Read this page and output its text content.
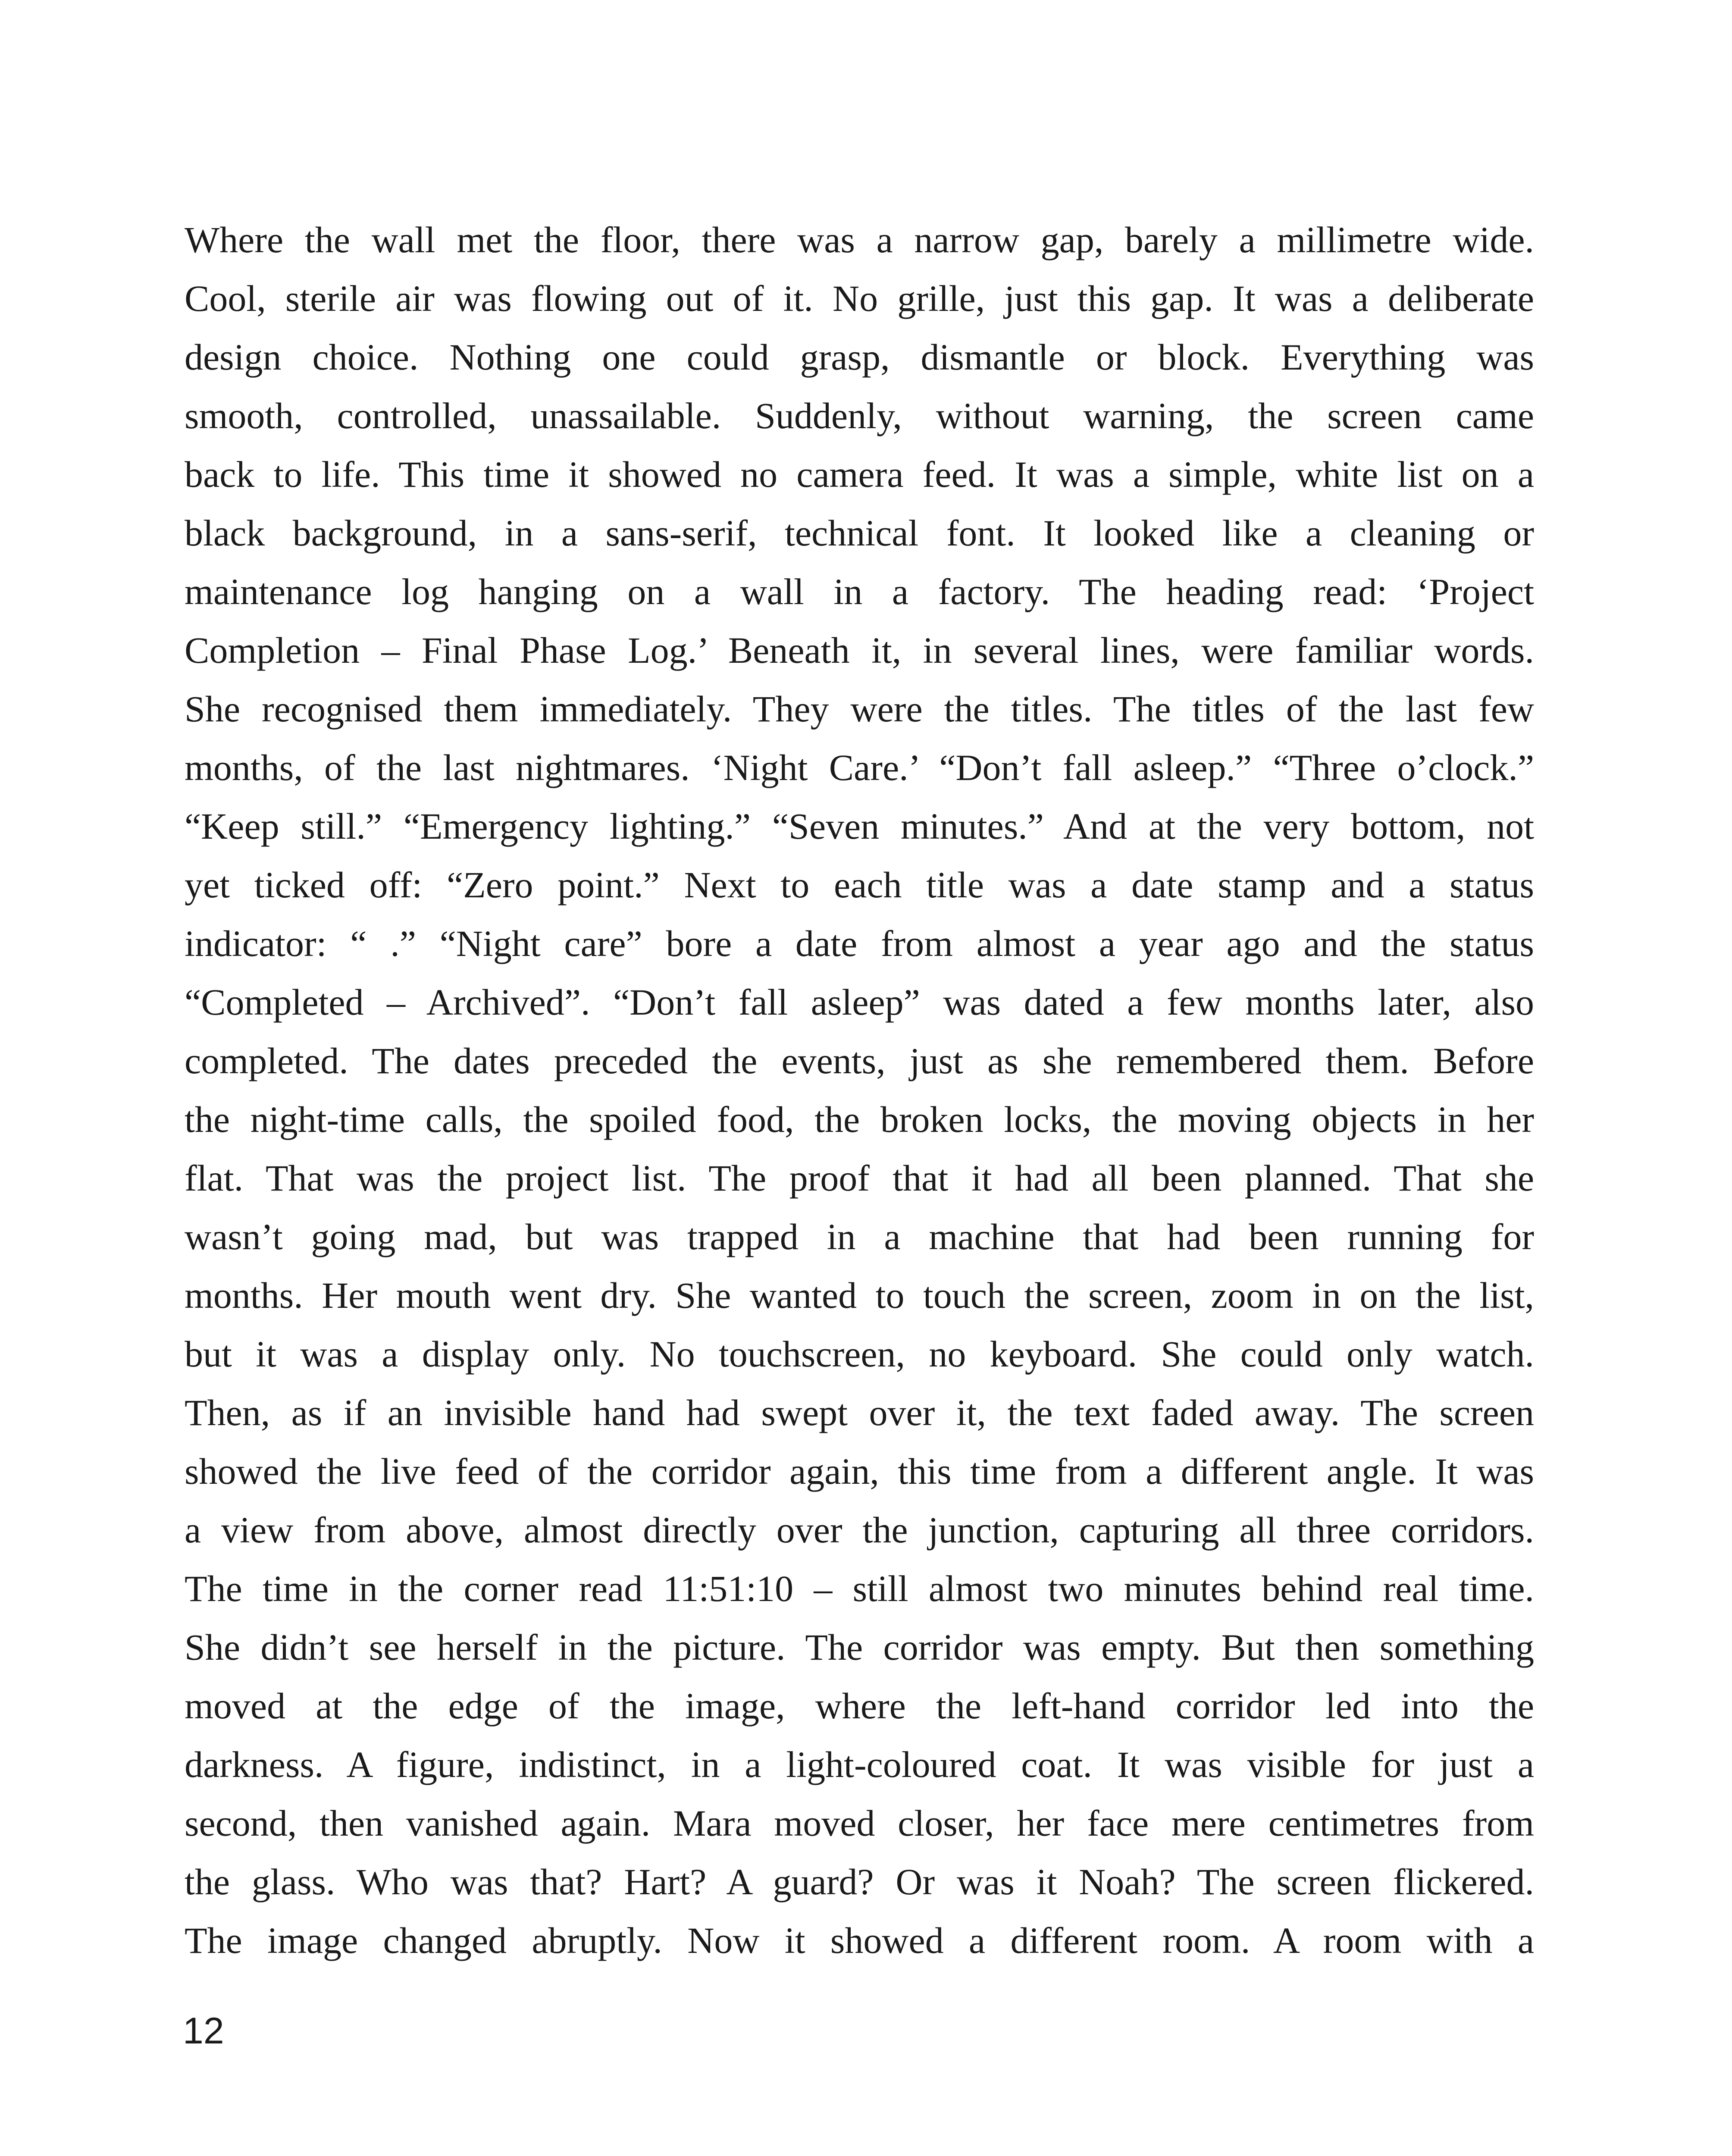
Where the wall met the floor, there was a narrow gap, barely a millimetre wide.
Cool, sterile air was flowing out of it. No grille, just this gap. It was a deliberate
design choice. Nothing one could grasp, dismantle or block. Everything was
smooth, controlled, unassailable. Suddenly, without warning, the screen came
back to life. This time it showed no camera feed. It was a simple, white list on a
black background, in a sans-serif, technical font. It looked like a cleaning or
maintenance log hanging on a wall in a factory. The heading read: ‘Project
Completion – Final Phase Log.’ Beneath it, in several lines, were familiar words.
She recognised them immediately. They were the titles. The titles of the last few
months, of the last nightmares. ‘Night Care.’ “Don’t fall asleep.” “Three o’clock.”
“Keep still.” “Emergency lighting.” “Seven minutes.” And at the very bottom, not
yet ticked off: “Zero point.” Next to each title was a date stamp and a status
indicator: “ .” “Night care” bore a date from almost a year ago and the status
“Completed – Archived”. “Don’t fall asleep” was dated a few months later, also
completed. The dates preceded the events, just as she remembered them. Before
the night-time calls, the spoiled food, the broken locks, the moving objects in her
flat. That was the project list. The proof that it had all been planned. That she
wasn’t going mad, but was trapped in a machine that had been running for
months. Her mouth went dry. She wanted to touch the screen, zoom in on the list,
but it was a display only. No touchscreen, no keyboard. She could only watch.
Then, as if an invisible hand had swept over it, the text faded away. The screen
showed the live feed of the corridor again, this time from a different angle. It was
a view from above, almost directly over the junction, capturing all three corridors.
The time in the corner read 11:51:10 – still almost two minutes behind real time.
She didn’t see herself in the picture. The corridor was empty. But then something
moved at the edge of the image, where the left-hand corridor led into the
darkness. A figure, indistinct, in a light-coloured coat. It was visible for just a
second, then vanished again. Mara moved closer, her face mere centimetres from
the glass. Who was that? Hart? A guard? Or was it Noah? The screen flickered.
The image changed abruptly. Now it showed a different room. A room with a
12
